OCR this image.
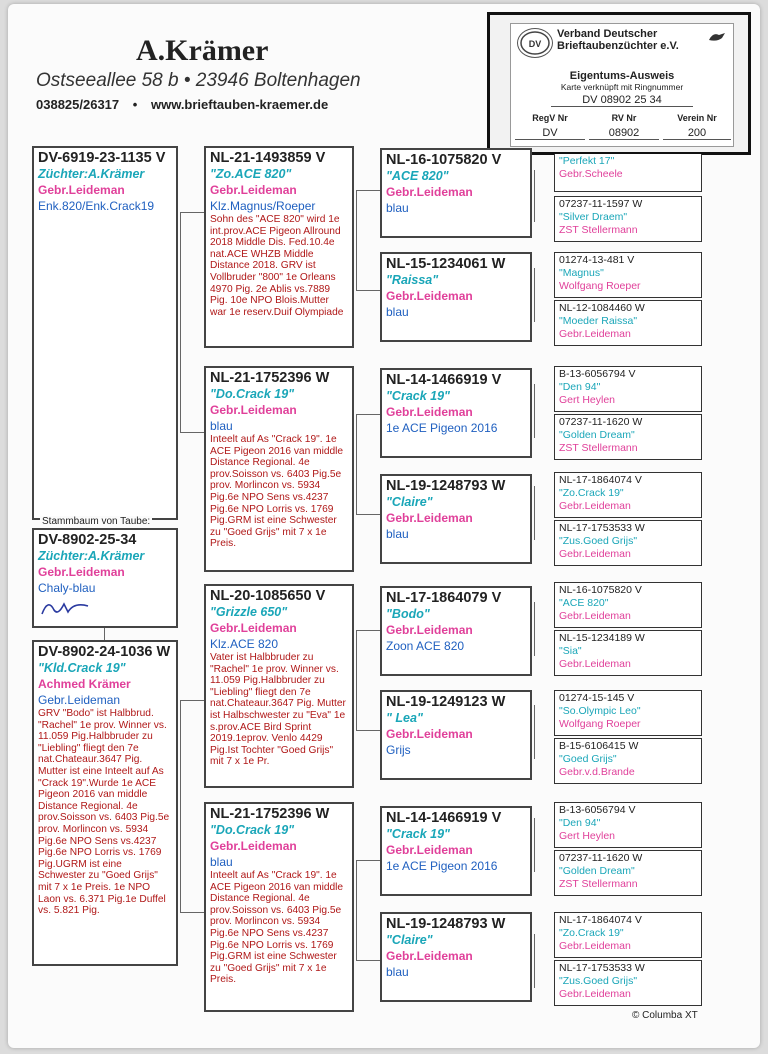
A.Krämer
Ostseeallee 58 b • 23946 Boltenhagen
038825/26317 • www.brieftauben-kraemer.de
DV
Verband Deutscher
Brieftaubenzüchter e.V.
Eigentums-Ausweis
Karte verknüpft mit Ringnummer
DV 08902 25 34
RegV Nr	RV Nr	Verein Nr
DV	08902	200
DV-6919-23-1135 V
Züchter:A.Krämer
Gebr.Leideman
Enk.820/Enk.Crack19
Stammbaum von Taube:
DV-8902-25-34
Züchter:A.Krämer
Gebr.Leideman
Chaly-blau
DV-8902-24-1036 W
"Kld.Crack 19"
Achmed Krämer
Gebr.Leideman
GRV "Bodo" ist Halbbrud. "Rachel" 1e prov. Winner vs. 11.059 Pig.Halbbruder zu "Liebling" fliegt den 7e nat.Chateaur.3647 Pig. Mutter ist eine Inteelt auf As "Crack 19".Wurde 1e ACE Pigeon 2016 van middle Distance Regional. 4e prov.Soisson vs. 6403 Pig.5e prov. Morlincon vs. 5934 Pig.6e NPO Sens vs.4237 Pig.6e NPO Lorris vs. 1769 Pig.UGRM ist eine Schwester zu "Goed Grijs" mit 7 x 1e Preis. 1e NPO Laon vs. 6.371 Pig.1e Duffel vs. 5.821 Pig.
NL-21-1493859 V
"Zo.ACE 820"
Gebr.Leideman
Klz.Magnus/Roeper
Sohn des "ACE 820" wird 1e int.prov.ACE Pigeon Allround 2018 Middle Dis. Fed.10.4e nat.ACE WHZB Middle Distance 2018. GRV ist Vollbruder "800" 1e Orleans 4970 Pig. 2e Ablis vs.7889 Pig. 10e NPO Blois.Mutter war 1e reserv.Duif Olympiade
NL-21-1752396 W
"Do.Crack 19"
Gebr.Leideman
blau
Inteelt auf As "Crack 19". 1e ACE Pigeon 2016 van middle Distance Regional. 4e prov.Soisson vs. 6403 Pig.5e prov. Morlincon vs. 5934 Pig.6e NPO Sens vs.4237 Pig.6e NPO Lorris vs. 1769 Pig.GRM ist eine Schwester zu "Goed Grijs" mit 7 x 1e Preis.
NL-20-1085650 V
"Grizzle 650"
Gebr.Leideman
Klz.ACE 820
Vater ist Halbbruder zu "Rachel" 1e prov. Winner vs. 11.059 Pig.Halbbruder zu "Liebling" fliegt den 7e nat.Chateaur.3647 Pig. Mutter ist Halbschwester zu "Eva" 1e s.prov.ACE Bird Sprint 2019.1eprov. Venlo 4429 Pig.Ist Tochter "Goed Grijs" mit 7 x 1e Pr.
NL-21-1752396 W
"Do.Crack 19"
Gebr.Leideman
blau
Inteelt auf As "Crack 19". 1e ACE Pigeon 2016 van middle Distance Regional. 4e prov.Soisson vs. 6403 Pig.5e prov. Morlincon vs. 5934 Pig.6e NPO Sens vs.4237 Pig.6e NPO Lorris vs. 1769 Pig.GRM ist eine Schwester zu "Goed Grijs" mit 7 x 1e Preis.
NL-16-1075820 V
"ACE 820"
Gebr.Leideman
blau
NL-15-1234061 W
"Raissa"
Gebr.Leideman
blau
NL-14-1466919 V
"Crack 19"
Gebr.Leideman
1e ACE Pigeon 2016
NL-19-1248793 W
"Claire"
Gebr.Leideman
blau
NL-17-1864079 V
"Bodo"
Gebr.Leideman
Zoon ACE 820
NL-19-1249123 W
" Lea"
Gebr.Leideman
Grijs
NL-14-1466919 V
"Crack 19"
Gebr.Leideman
1e ACE Pigeon 2016
NL-19-1248793 W
"Claire"
Gebr.Leideman
blau
"Perfekt 17"
Gebr.Scheele
07237-11-1597 W
"Silver Draem"
ZST Stellermann
01274-13-481 V
"Magnus"
Wolfgang Roeper
NL-12-1084460 W
"Moeder Raissa"
Gebr.Leideman
B-13-6056794 V
"Den 94"
Gert Heylen
07237-11-1620 W
"Golden Dream"
ZST Stellermann
NL-17-1864074 V
"Zo.Crack 19"
Gebr.Leideman
NL-17-1753533 W
"Zus.Goed Grijs"
Gebr.Leideman
NL-16-1075820 V
"ACE 820"
Gebr.Leideman
NL-15-1234189 W
"Sia"
Gebr.Leideman
01274-15-145 V
"So.Olympic Leo"
Wolfgang Roeper
B-15-6106415 W
"Goed Grijs"
Gebr.v.d.Brande
B-13-6056794 V
"Den 94"
Gert Heylen
07237-11-1620 W
"Golden Dream"
ZST Stellermann
NL-17-1864074 V
"Zo.Crack 19"
Gebr.Leideman
NL-17-1753533 W
"Zus.Goed Grijs"
Gebr.Leideman
© Columba XT
